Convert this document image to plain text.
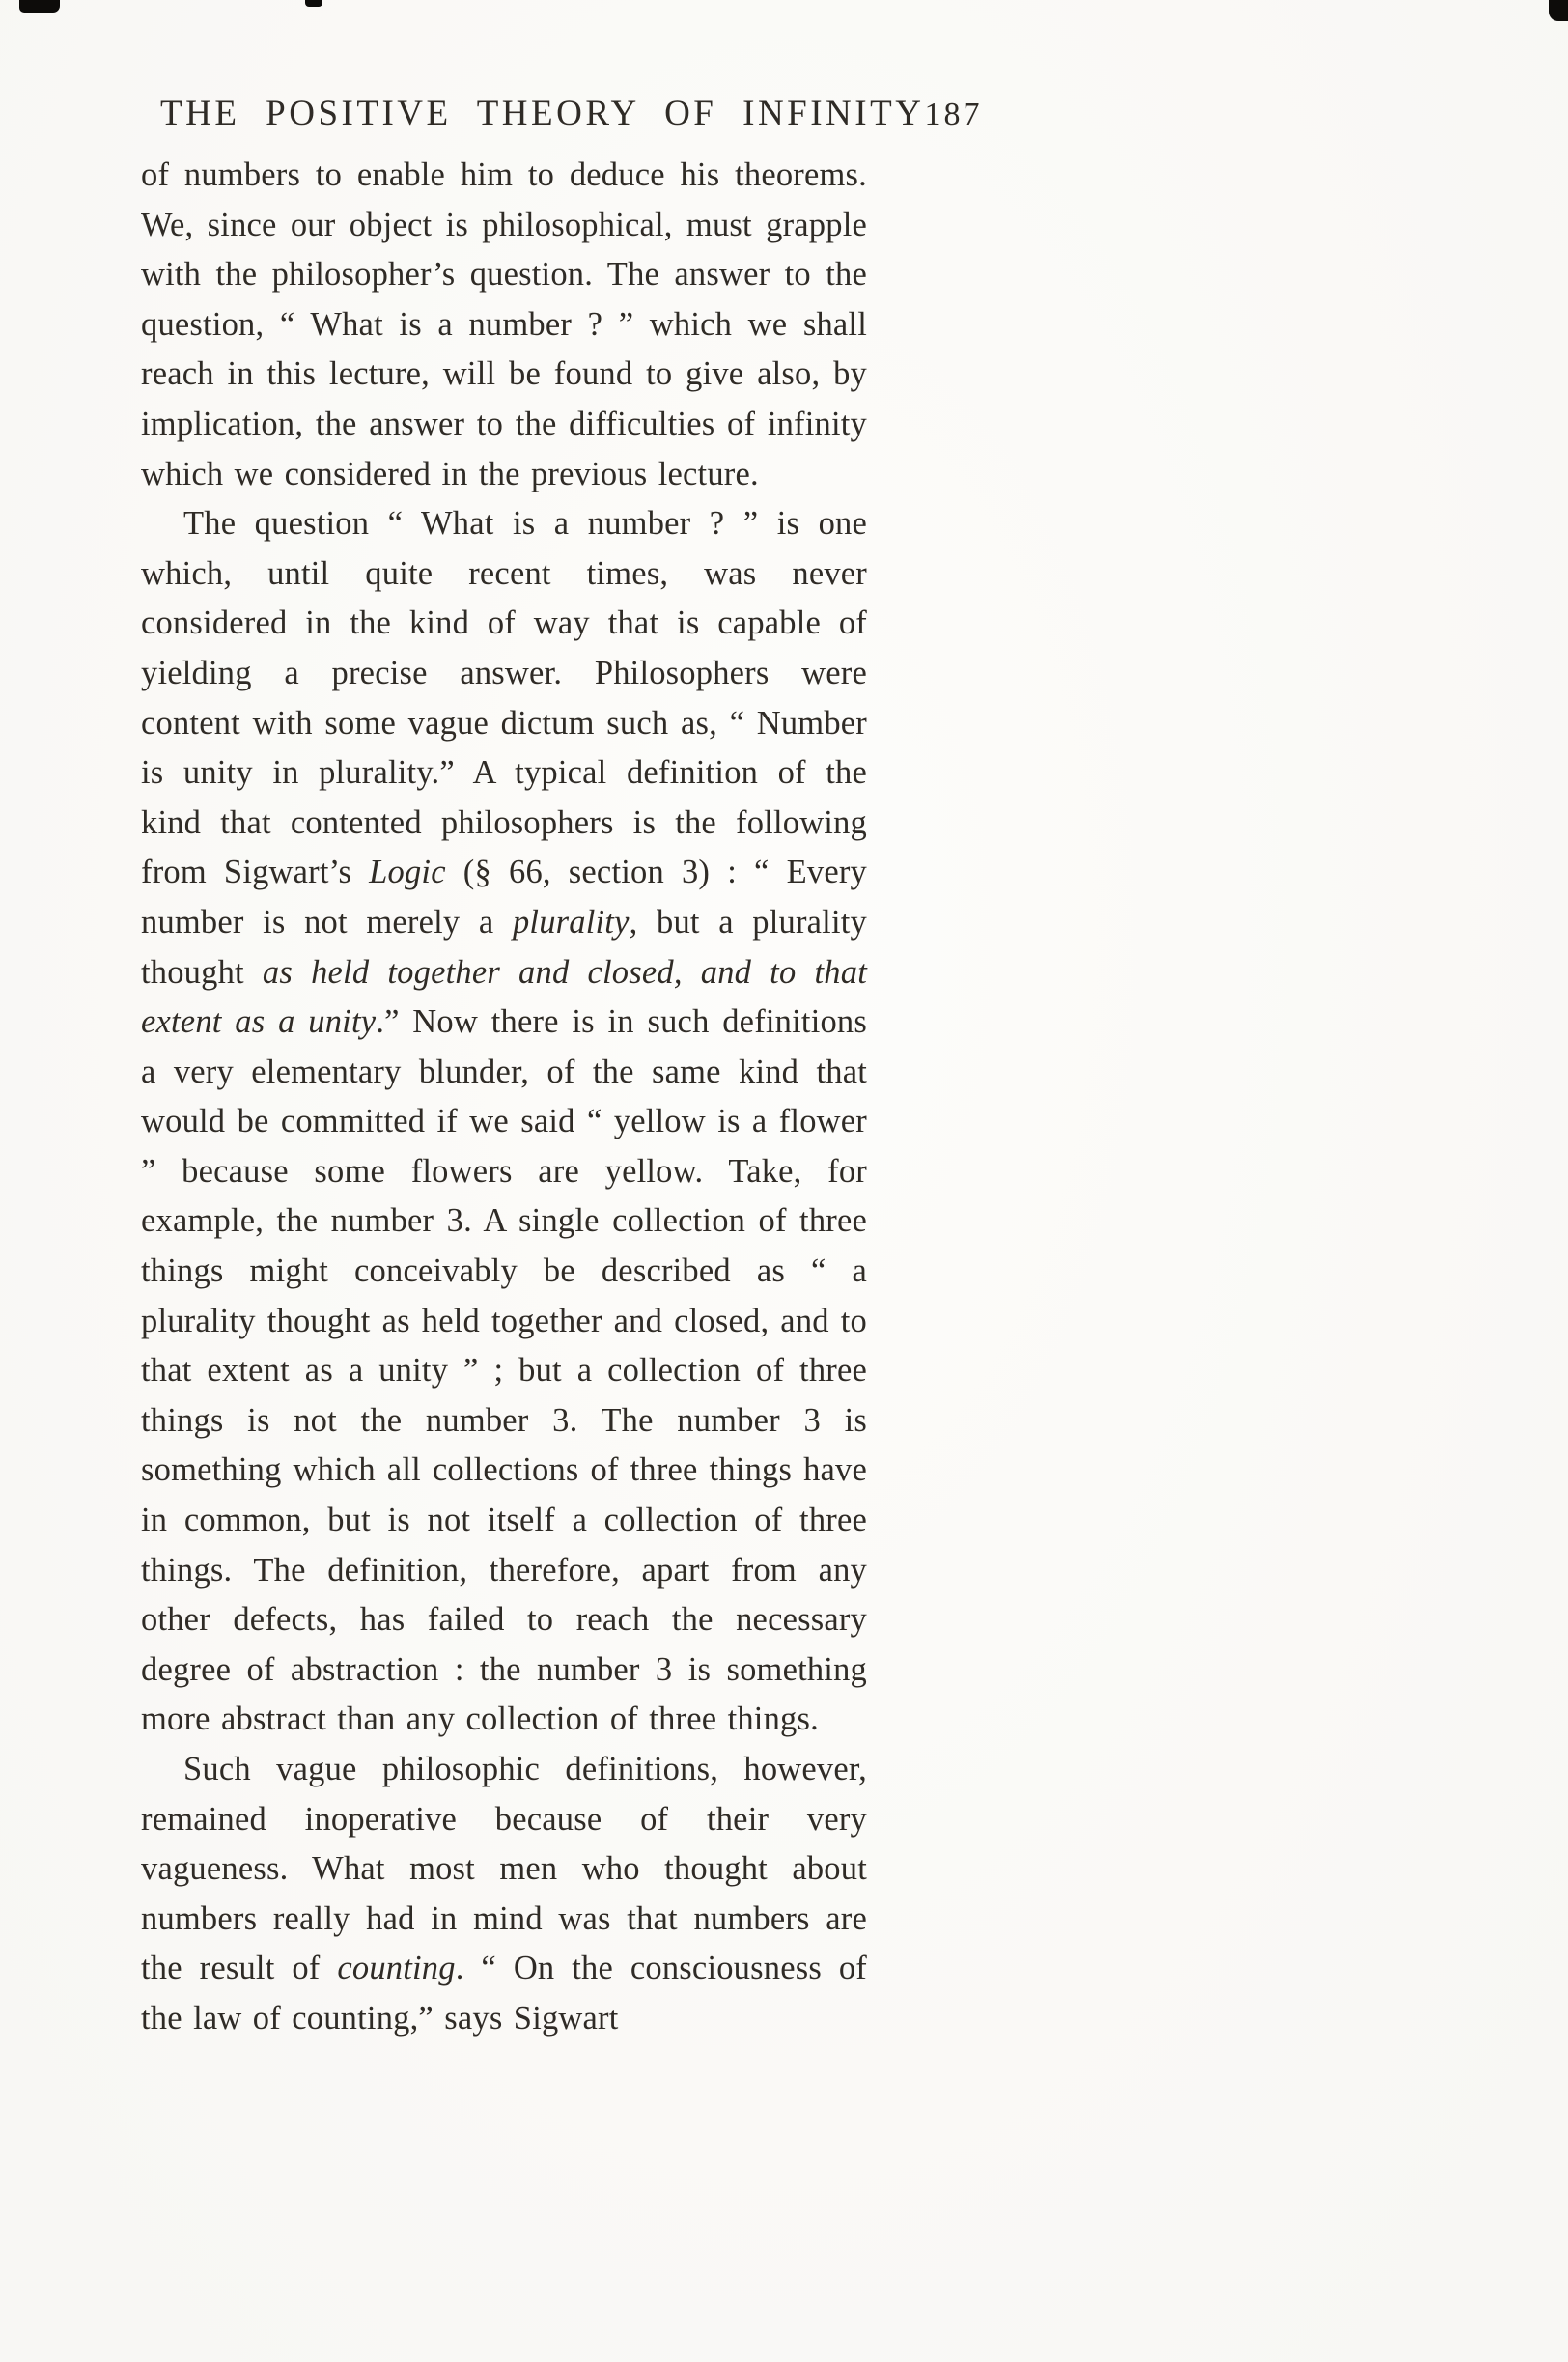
THE POSITIVE THEORY OF INFINITY 187

of numbers to enable him to deduce his theorems. We, since our object is philosophical, must grapple with the philosopher’s question. The answer to the question, “ What is a number ? ” which we shall reach in this lecture, will be found to give also, by implication, the answer to the difficulties of infinity which we considered in the previous lecture.

The question “ What is a number ? ” is one which, until quite recent times, was never considered in the kind of way that is capable of yielding a precise answer. Philosophers were content with some vague dictum such as, “ Number is unity in plurality.” A typical definition of the kind that contented philosophers is the following from Sigwart’s Logic (§ 66, section 3) : “ Every number is not merely a plurality, but a plurality thought as held together and closed, and to that extent as a unity.” Now there is in such definitions a very elementary blunder, of the same kind that would be committed if we said “ yellow is a flower ” because some flowers are yellow. Take, for example, the number 3. A single collection of three things might conceivably be described as “ a plurality thought as held together and closed, and to that extent as a unity ” ; but a collection of three things is not the number 3. The number 3 is something which all collections of three things have in common, but is not itself a collection of three things. The definition, therefore, apart from any other defects, has failed to reach the necessary degree of abstraction : the number 3 is something more abstract than any collection of three things.

Such vague philosophic definitions, however, remained inoperative because of their very vagueness. What most men who thought about numbers really had in mind was that numbers are the result of counting. “ On the consciousness of the law of counting,” says Sigwart
